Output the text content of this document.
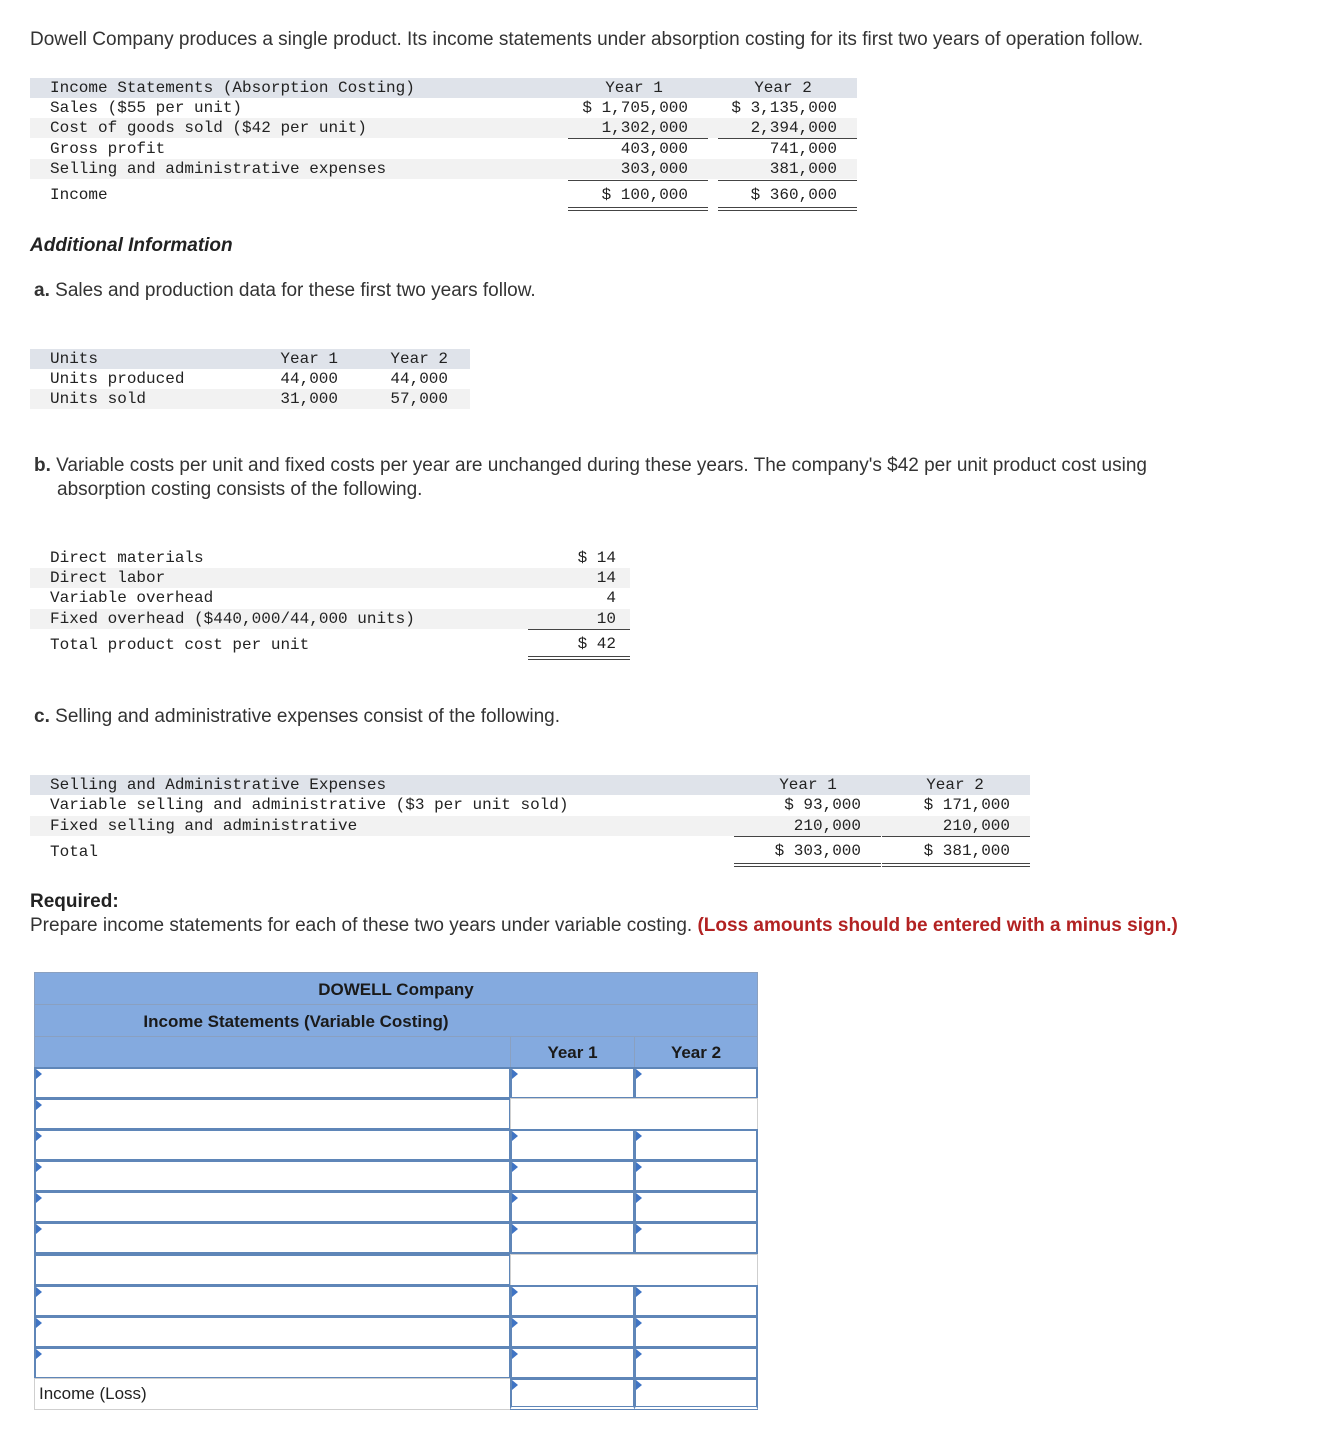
Dowell Company produces a single product. Its income statements under absorption costing for its first two years of operation follow.
Income Statements (Absorption Costing)	Year 1	Year 2
Sales ($55 per unit)	$ 1,705,000	$ 3,135,000
Cost of goods sold ($42 per unit)	1,302,000	2,394,000
Gross profit	403,000	741,000
Selling and administrative expenses	303,000	381,000
Income	$ 100,000	$ 360,000
Additional Information
a. Sales and production data for these first two years follow.
Units	Year 1	Year 2
Units produced	44,000	44,000
Units sold	31,000	57,000
b. Variable costs per unit and fixed costs per year are unchanged during these years. The company's $42 per unit product cost using
absorption costing consists of the following.
Direct materials	$ 14
Direct labor	14
Variable overhead	4
Fixed overhead ($440,000/44,000 units)	10
Total product cost per unit	$ 42
c. Selling and administrative expenses consist of the following.
Selling and Administrative Expenses	Year 1	Year 2
Variable selling and administrative ($3 per unit sold)	$ 93,000	$ 171,000
Fixed selling and administrative	210,000	210,000
Total	$ 303,000	$ 381,000
Required:
Prepare income statements for each of these two years under variable costing. (Loss amounts should be entered with a minus sign.)
DOWELL Company
Income Statements (Variable Costing)
Year 1	Year 2
Income (Loss)
